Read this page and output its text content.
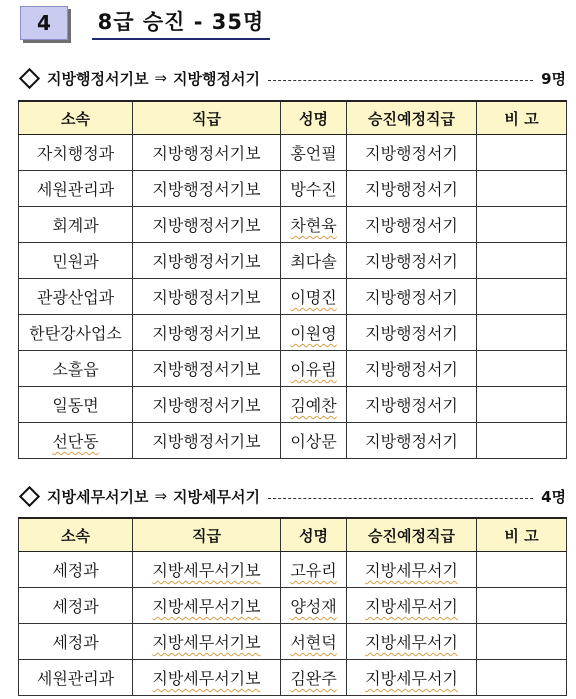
4	8급 승진 - 35명
지방행정서기보 ⇒ 지방행정서기	9명
소속	직급	성명	승진예정직급	비 고
자치행정과	지방행정서기보	홍언필	지방행정서기	
세원관리과	지방행정서기보	방수진	지방행정서기	
회계과	지방행정서기보	차현육	지방행정서기	
민원과	지방행정서기보	최다솔	지방행정서기	
관광산업과	지방행정서기보	이명진	지방행정서기	
한탄강사업소	지방행정서기보	이원영	지방행정서기	
소흘읍	지방행정서기보	이유림	지방행정서기	
일동면	지방행정서기보	김예찬	지방행정서기	
선단동	지방행정서기보	이상문	지방행정서기	
지방세무서기보 ⇒ 지방세무서기	4명
소속	직급	성명	승진예정직급	비 고
세정과	지방세무서기보	고유리	지방세무서기	
세정과	지방세무서기보	양성재	지방세무서기	
세정과	지방세무서기보	서현덕	지방세무서기	
세원관리과	지방세무서기보	김완주	지방세무서기	
